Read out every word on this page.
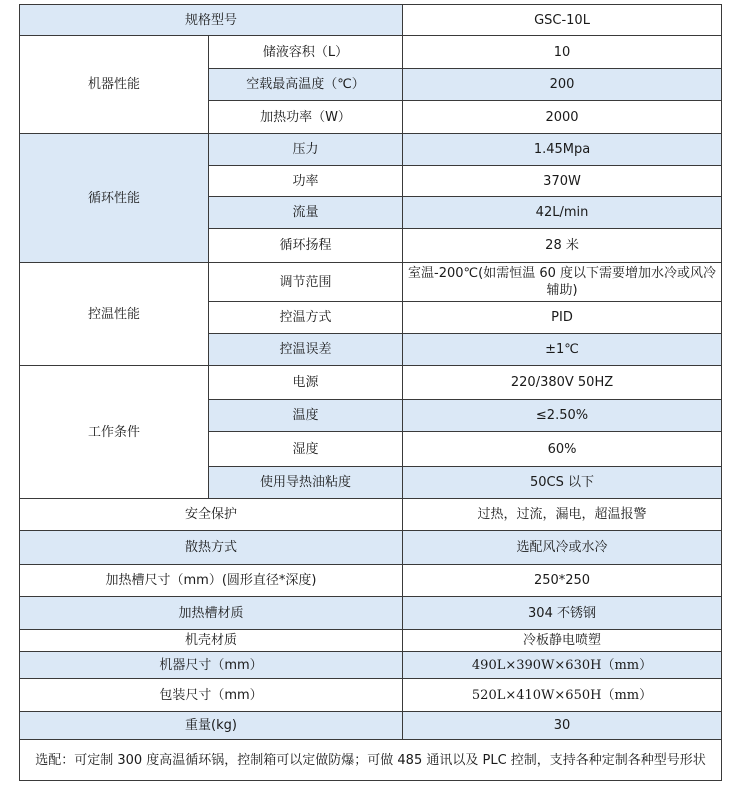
规格型号		GSC-10L
机器性能	储液容积（L）	10
	空载最高温度（℃）	200
	加热功率（W）	2000
循环性能	压力	1.45Mpa
	功率	370W
	流量	42L/min
	循环扬程	28 米
控温性能	调节范围	室温-200℃(如需恒温 60 度以下需要增加水冷或风冷辅助)
	控温方式	PID
	控温误差	±1℃
工作条件	电源	220/380V 50HZ
	温度	≤2.50%
	湿度	60%
	使用导热油粘度	50CS 以下
安全保护		过热，过流，漏电，超温报警
散热方式		选配风冷或水冷
加热槽尺寸（mm）(圆形直径*深度)		250*250
加热槽材质		304 不锈钢
机壳材质		冷板静电喷塑
机器尺寸（mm）		490L×390W×630H（mm）
包装尺寸（mm）		520L×410W×650H（mm）
重量(kg)		30
选配：可定制 300 度高温循环锅，控制箱可以定做防爆；可做 485 通讯以及 PLC 控制，支持各种定制各种型号形状		
